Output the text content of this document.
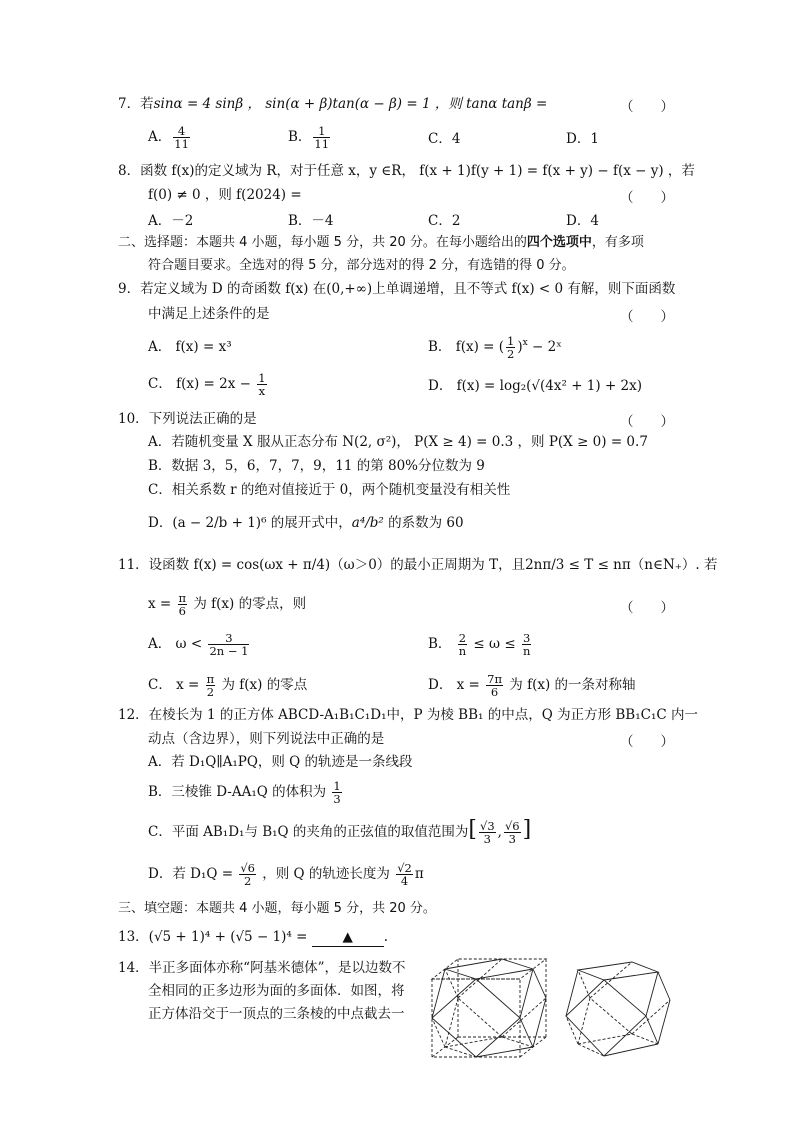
7．若sinα = 4 sinβ ， sin(α + β)tan(α − β) = 1 ，则 tanα tanβ =	（　　）
A． $\frac{4}{11}$	B． $\frac{1}{11}$	C．4	D．1
8．函数 f(x)的定义域为 R，对于任意 x，y ∈R， f(x + 1)f(y + 1) = f(x + y) − f(x − y) ，若
f(0) ≠ 0 ，则 f(2024) =	（　　）
A．－2	B．－4	C．2	D．4
二、选择题：本题共 4 小题，每小题 5 分，共 20 分。在每小题给出的四个选项中，有多项
符合题目要求。全选对的得 5 分，部分选对的得 2 分，有选错的得 0 分。
9．若定义域为 D 的奇函数 f(x) 在(0,+∞)上单调递增，且不等式 f(x) < 0 有解，则下面函数
中满足上述条件的是	（　　）
A． f(x) = x³	B． f(x) = ( $\frac{1}{2} )^x$ − 2ˣ
C． $f(x) = 2x - \frac{1}{x}$	D． f(x) = log₂(√(4x² + 1) + 2x)
10．下列说法正确的是	（　　）
A．若随机变量 X 服从正态分布 N(2, σ²)， P(X ≥ 4) = 0.3 ，则 P(X ≥ 0) = 0.7
B．数据 3，5，6，7，7，9，11 的第 80%分位数为 9
C．相关系数 r 的绝对值接近于 0，两个随机变量没有相关性
D．(a − 2/b + 1)⁶ 的展开式中，a⁴/b² 的系数为 60
11．设函数 f(x) = cos(ωx + π/4)（ω＞0）的最小正周期为 T，且2nπ/3 ≤ T ≤ nπ（n∈N₊）. 若
$x = \frac{\pi}{6}$ 为 f(x) 的零点，则	（　　）
A． $\omega < \frac{3}{2n - 1}$	B． $\frac{2}{n} \le \omega \le \frac{3}{n}$
C． $x = \frac{\pi}{2}$ 为 f(x) 的零点	D． $x = \frac{7\pi}{6}$ 为 f(x) 的一条对称轴
12．在棱长为 1 的正方体 ABCD-A₁B₁C₁D₁中，P 为棱 BB₁ 的中点，Q 为正方形 BB₁C₁C 内一
动点（含边界），则下列说法中正确的是	（　　）
A．若 D₁Q∥A₁PQ，则 Q 的轨迹是一条线段
B．三棱锥 D-AA₁Q 的体积为 $\frac{1}{3}$
C．平面 AB₁D₁与 B₁Q 的夹角的正弦值的取值范围为[ $\frac{√3}{3}$ , $\frac{√6}{3}$ ]
D．若 $D_1Q = \frac{√6}{2}$ ，则 Q 的轨迹长度为 $\frac{√2}{4}$ π
三、填空题：本题共 4 小题，每小题 5 分，共 20 分。
13．(√5 + 1)⁴ + (√5 − 1)⁴ = ▲ .
14．半正多面体亦称“阿基米德体”，是以边数不
全相同的正多边形为面的多面体．如图，将
正方体沿交于一顶点的三条棱的中点截去一
